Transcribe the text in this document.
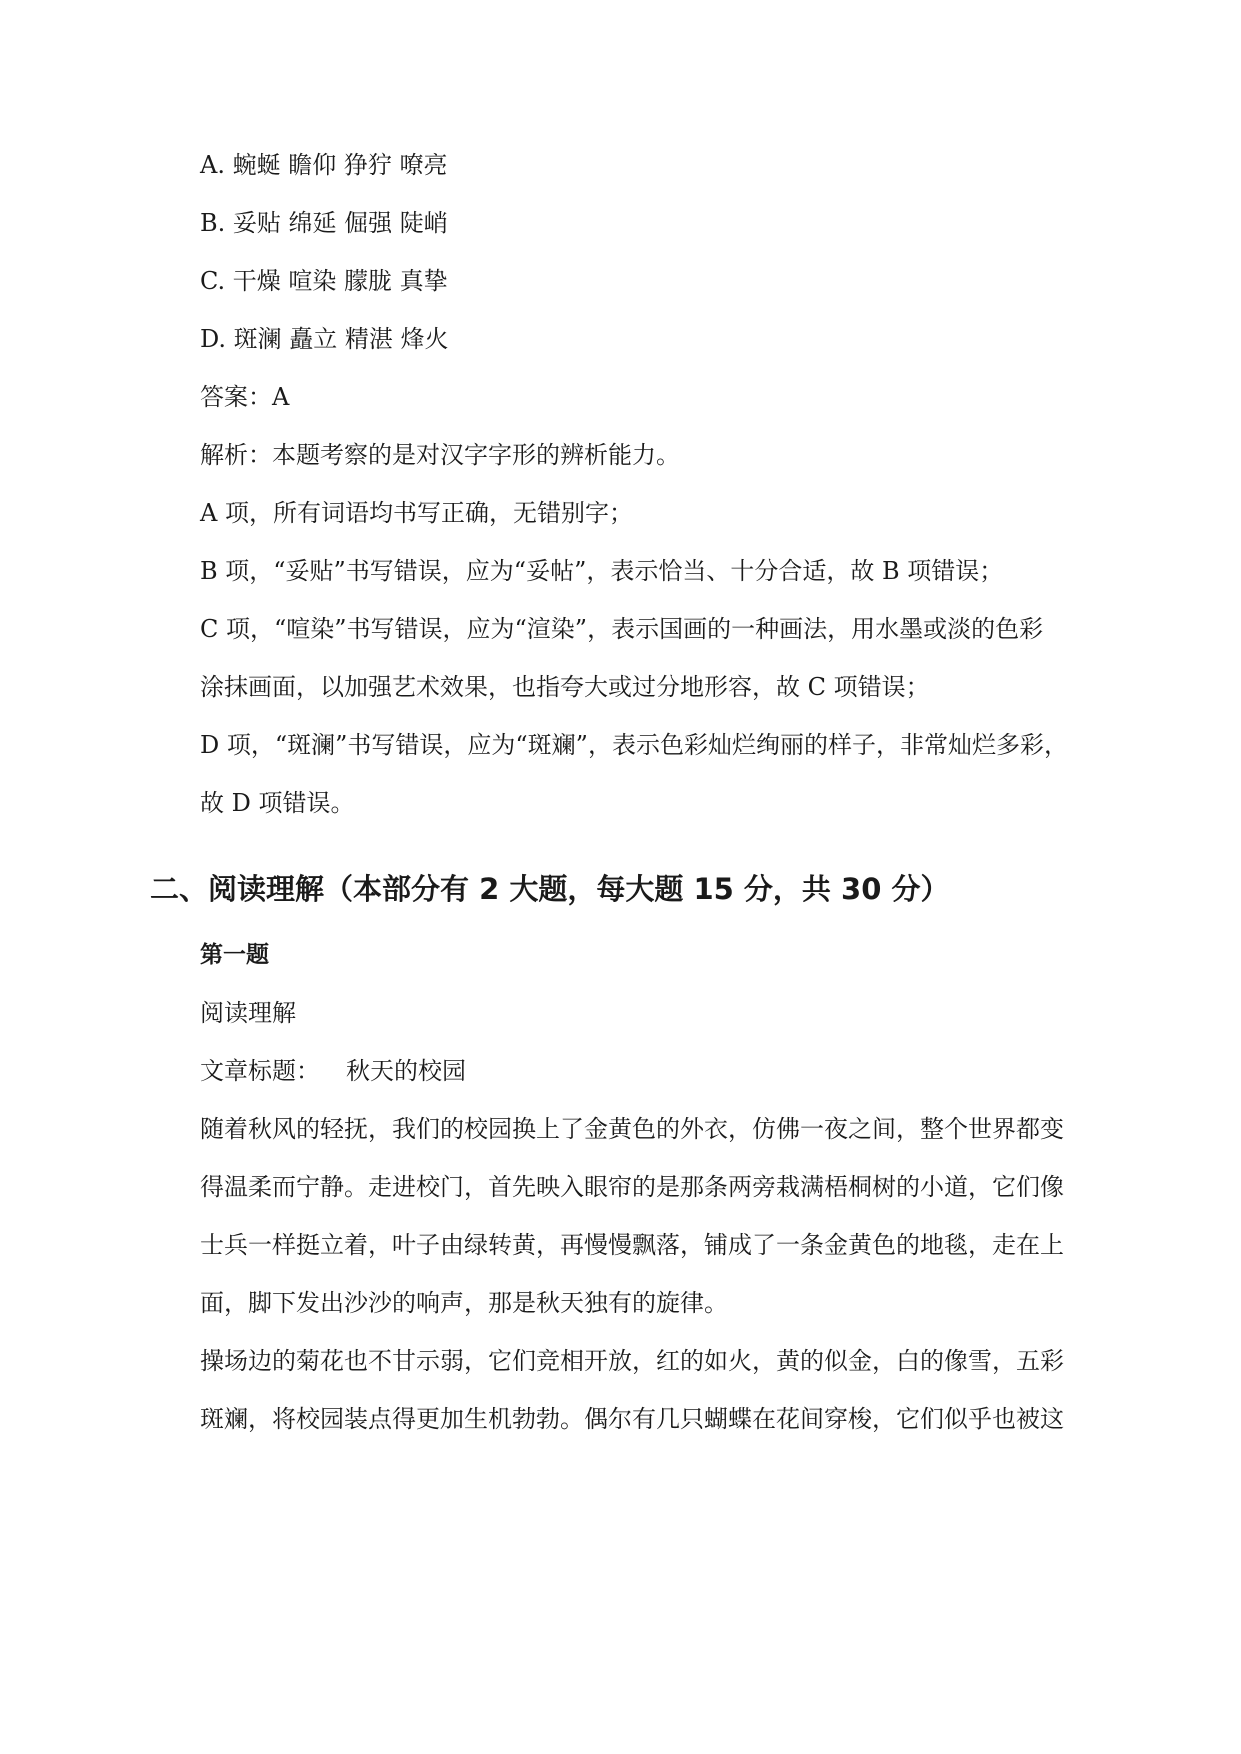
A. 蜿蜒 瞻仰 狰狞 嘹亮
B. 妥贴 绵延 倔强 陡峭
C. 干燥 喧染 朦胧 真挚
D. 斑澜 矗立 精湛 烽火
答案：A
解析：本题考察的是对汉字字形的辨析能力。
A 项，所有词语均书写正确，无错别字；
B 项，“妥贴”书写错误，应为“妥帖”，表示恰当、十分合适，故 B 项错误；
C 项，“喧染”书写错误，应为“渲染”，表示国画的一种画法，用水墨或淡的色彩
涂抹画面，以加强艺术效果，也指夸大或过分地形容，故 C 项错误；
D 项，“斑澜”书写错误，应为“斑斓”，表示色彩灿烂绚丽的样子，非常灿烂多彩，
故 D 项错误。
二、阅读理解（本部分有 2 大题，每大题 15 分，共 30 分）
第一题
阅读理解
文章标题： 秋天的校园
随着秋风的轻抚，我们的校园换上了金黄色的外衣，仿佛一夜之间，整个世界都变
得温柔而宁静。走进校门，首先映入眼帘的是那条两旁栽满梧桐树的小道，它们像
士兵一样挺立着，叶子由绿转黄，再慢慢飘落，铺成了一条金黄色的地毯，走在上
面，脚下发出沙沙的响声，那是秋天独有的旋律。
操场边的菊花也不甘示弱，它们竞相开放，红的如火，黄的似金，白的像雪，五彩
斑斓，将校园装点得更加生机勃勃。偶尔有几只蝴蝶在花间穿梭，它们似乎也被这
